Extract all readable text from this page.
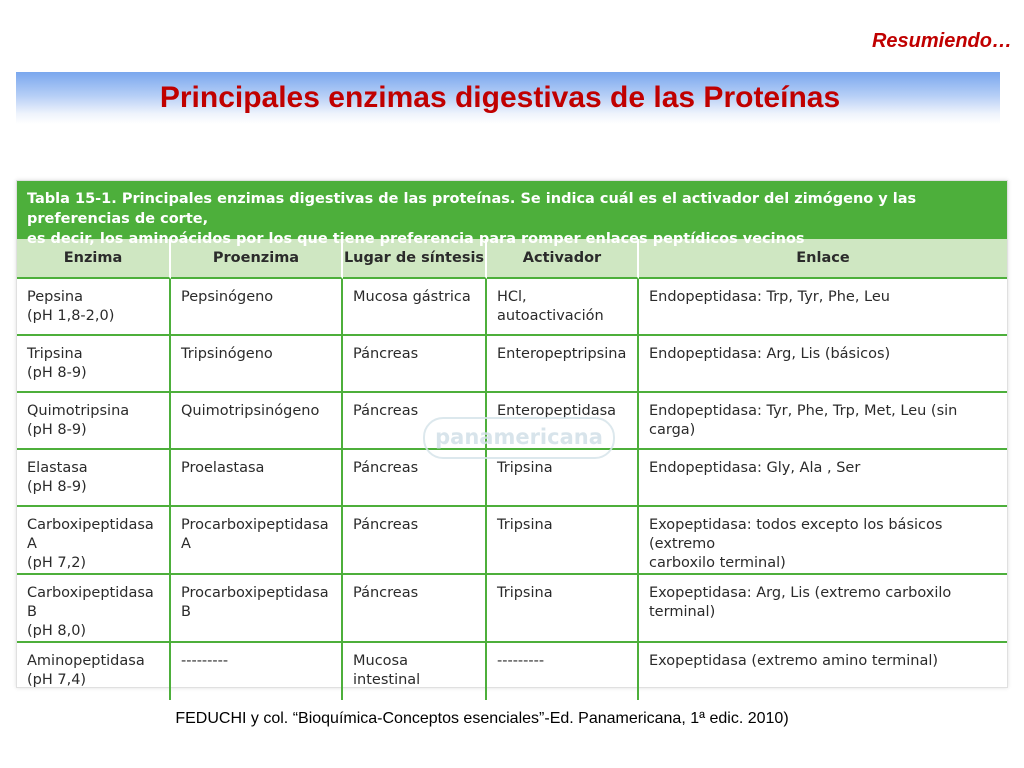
Resumiendo…
Principales enzimas digestivas de las Proteínas
Tabla 15-1. Principales enzimas digestivas de las proteínas. Se indica cuál es el activador del zimógeno y las preferencias de corte,
es decir, los aminoácidos por los que tiene preferencia para romper enlaces peptídicos vecinos
Enzima	Proenzima	Lugar de síntesis	Activador	Enlace

Pepsina
(pH 1,8-2,0)	Pepsinógeno	Mucosa gástrica	HCl, autoactivación	Endopeptidasa: Trp, Tyr, Phe, Leu

Tripsina
(pH 8-9)	Tripsinógeno	Páncreas	Enteropeptripsina	Endopeptidasa: Arg, Lis (básicos)

Quimotripsina
(pH 8-9)	Quimotripsinógeno	Páncreas	Enteropeptidasa	Endopeptidasa: Tyr, Phe, Trp, Met, Leu (sin carga)

Elastasa
(pH 8-9)	Proelastasa	Páncreas	Tripsina	Endopeptidasa: Gly, Ala , Ser

Carboxipeptidasa A
(pH 7,2)	Procarboxipeptidasa A	Páncreas	Tripsina	Exopeptidasa: todos excepto los básicos (extremo
carboxilo terminal)

Carboxipeptidasa B
(pH 8,0)	Procarboxipeptidasa B	Páncreas	Tripsina	Exopeptidasa: Arg, Lis (extremo carboxilo terminal)

Aminopeptidasa
(pH 7,4)	---------	Mucosa intestinal	---------	Exopeptidasa (extremo amino terminal)
panamericana
FEDUCHI y col. “Bioquímica-Conceptos esenciales”-Ed. Panamericana, 1ª edic. 2010)
